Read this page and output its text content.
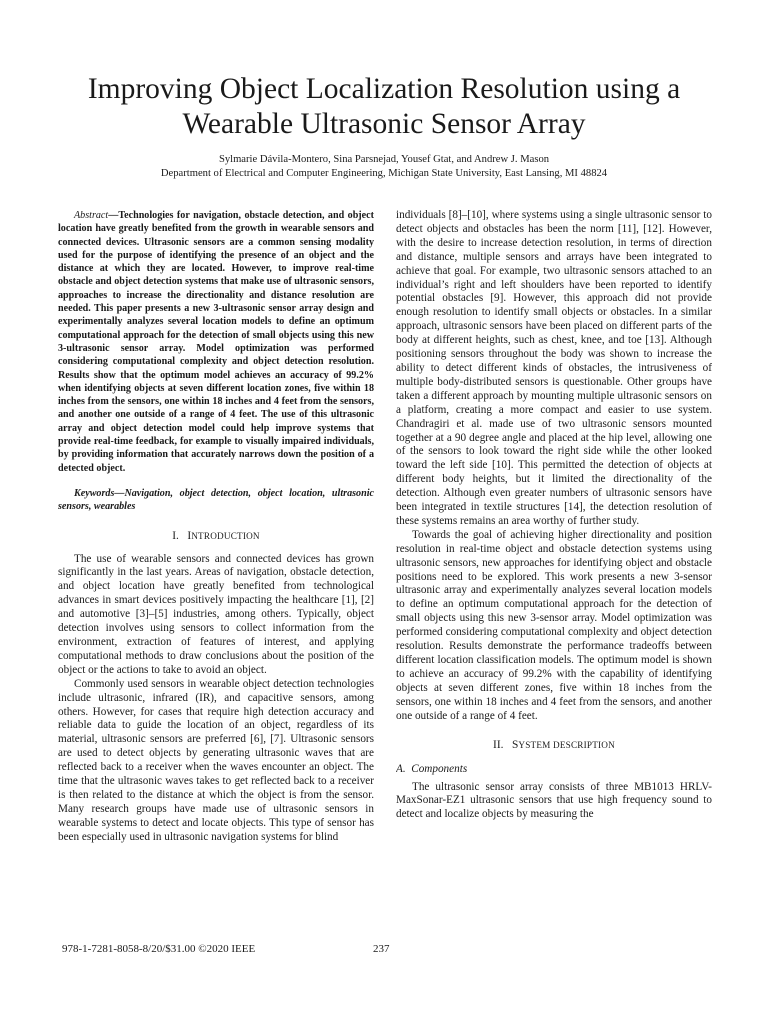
Improving Object Localization Resolution using a Wearable Ultrasonic Sensor Array
Sylmarie Dávila-Montero, Sina Parsnejad, Yousef Gtat, and Andrew J. Mason
Department of Electrical and Computer Engineering, Michigan State University, East Lansing, MI 48824

Abstract—Technologies for navigation, obstacle detection, and object location have greatly benefited from the growth in wearable sensors and connected devices. Ultrasonic sensors are a common sensing modality used for the purpose of identifying the presence of an object and the distance at which they are located. However, to improve real-time obstacle and object detection systems that make use of ultrasonic sensors, approaches to increase the directionality and distance resolution are needed. This paper presents a new 3-ultrasonic sensor array design and experimentally analyzes several location models to define an optimum computational approach for the detection of small objects using this new 3-ultrasonic sensor array. Model optimization was performed considering computational complexity and object detection resolution. Results show that the optimum model achieves an accuracy of 99.2% when identifying objects at seven different location zones, five within 18 inches from the sensors, one within 18 inches and 4 feet from the sensors, and another one outside of a range of 4 feet. The use of this ultrasonic array and object detection model could help improve systems that provide real-time feedback, for example to visually impaired individuals, by providing information that accurately narrows down the position of a detected object.

Keywords—Navigation, object detection, object location, ultrasonic sensors, wearables

I. INTRODUCTION

The use of wearable sensors and connected devices has grown significantly in the last years. Areas of navigation, obstacle detection, and object location have greatly benefited from technological advances in smart devices positively impacting the healthcare [1], [2] and automotive [3]–[5] industries, among others. Typically, object detection involves using sensors to collect information from the environment, extraction of features of interest, and applying computational methods to draw conclusions about the position of the object or the actions to take to avoid an object.

Commonly used sensors in wearable object detection technologies include ultrasonic, infrared (IR), and capacitive sensors, among others. However, for cases that require high detection accuracy and reliable data to guide the location of an object, regardless of its material, ultrasonic sensors are preferred [6], [7]. Ultrasonic sensors are used to detect objects by generating ultrasonic waves that are reflected back to a receiver when the waves encounter an object. The time that the ultrasonic waves takes to get reflected back to a receiver is then related to the distance at which the object is from the sensor. Many research groups have made use of ultrasonic sensors in wearable systems to detect and locate objects. This type of sensor has been especially used in ultrasonic navigation systems for blind

individuals [8]–[10], where systems using a single ultrasonic sensor to detect objects and obstacles has been the norm [11], [12]. However, with the desire to increase detection resolution, in terms of direction and distance, multiple sensors and arrays have been integrated to achieve that goal. For example, two ultrasonic sensors attached to an individual’s right and left shoulders have been reported to identify potential obstacles [9]. However, this approach did not provide enough resolution to identify small objects or obstacles. In a similar approach, ultrasonic sensors have been placed on different parts of the body at different heights, such as chest, knee, and toe [13]. Although positioning sensors throughout the body was shown to increase the ability to detect different kinds of obstacles, the intrusiveness of multiple body-distributed sensors is questionable. Other groups have taken a different approach by mounting multiple ultrasonic sensors on a platform, creating a more compact and easier to use system. Chandragiri et al. made use of two ultrasonic sensors mounted together at a 90 degree angle and placed at the hip level, allowing one of the sensors to look toward the right side while the other looked toward the left side [10]. This permitted the detection of objects at different body heights, but it limited the directionality of the detection. Although even greater numbers of ultrasonic sensors have been integrated in textile structures [14], the detection resolution of these systems remains an area worthy of further study.

Towards the goal of achieving higher directionality and position resolution in real-time object and obstacle detection systems using ultrasonic sensors, new approaches for identifying object and obstacle positions need to be explored. This work presents a new 3-sensor ultrasonic array and experimentally analyzes several location models to define an optimum computational approach for the detection of small objects using this new 3-sensor array. Model optimization was performed considering computational complexity and object detection resolution. Results demonstrate the performance tradeoffs between different location classification models. The optimum model is shown to achieve an accuracy of 99.2% with the capability of identifying objects at seven different zones, five within 18 inches from the sensors, one within 18 inches and 4 feet from the sensors, and another one outside of a range of 4 feet.

II. SYSTEM DESCRIPTION
A. Components

The ultrasonic sensor array consists of three MB1013 HRLV-MaxSonar-EZ1 ultrasonic sensors that use high frequency sound to detect and localize objects by measuring the

978-1-7281-8058-8/20/$31.00 ©2020 IEEE	237
